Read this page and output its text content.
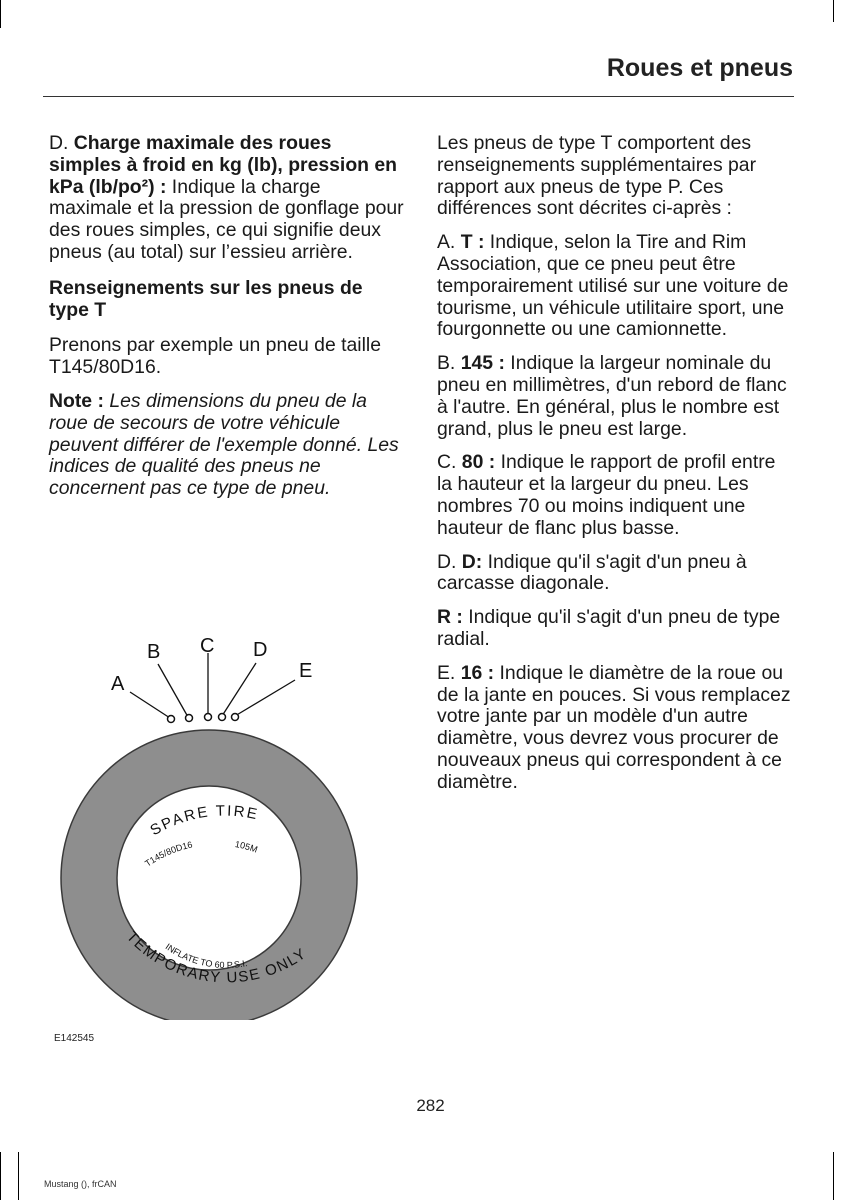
Roues et pneus

D. Charge maximale des roues simples à froid en kg (lb), pression en kPa (lb/po²) : Indique la charge maximale et la pression de gonflage pour des roues simples, ce qui signifie deux pneus (au total) sur l’essieu arrière.

Renseignements sur les pneus de type T

Prenons par exemple un pneu de taille T145/80D16.

Note : Les dimensions du pneu de la roue de secours de votre véhicule peuvent différer de l'exemple donné. Les indices de qualité des pneus ne concernent pas ce type de pneu.

Les pneus de type T comportent des renseignements supplémentaires par rapport aux pneus de type P. Ces différences sont décrites ci-après :

A. T : Indique, selon la Tire and Rim Association, que ce pneu peut être temporairement utilisé sur une voiture de tourisme, un véhicule utilitaire sport, une fourgonnette ou une camionnette.

B. 145 : Indique la largeur nominale du pneu en millimètres, d'un rebord de flanc à l'autre. En général, plus le nombre est grand, plus le pneu est large.

C. 80 : Indique le rapport de profil entre la hauteur et la largeur du pneu. Les nombres 70 ou moins indiquent une hauteur de flanc plus basse.

D. D: Indique qu'il s'agit d'un pneu à carcasse diagonale.

R : Indique qu'il s'agit d'un pneu de type radial.

E. 16 : Indique le diamètre de la roue ou de la jante en pouces. Si vous remplacez votre jante par un modèle d'un autre diamètre, vous devrez vous procurer de nouveaux pneus qui correspondent à ce diamètre.

SPARE TIRE
T145/80D16	105M
TEMPORARY USE ONLY
INFLATE TO 60 P.S.I.
A
B C D
E
E142545
282
Mustang (), frCAN
